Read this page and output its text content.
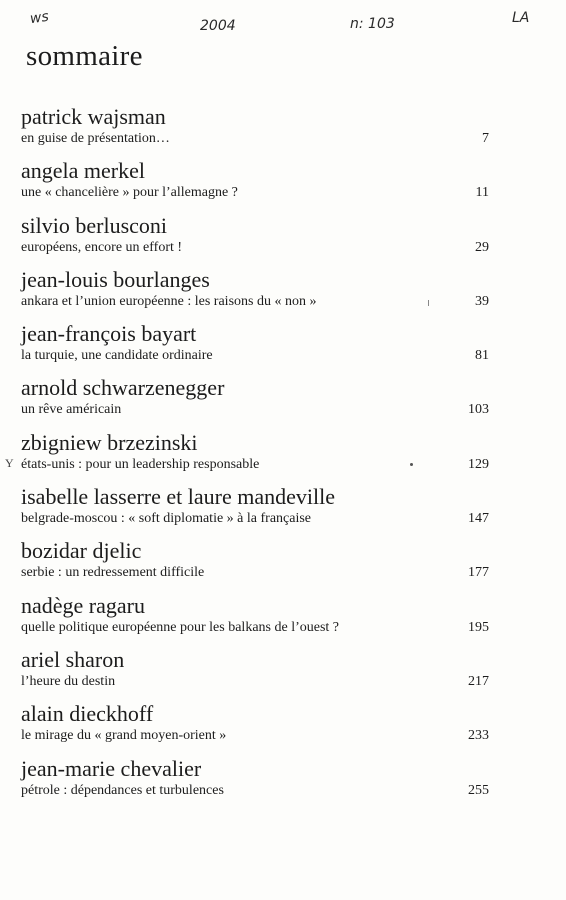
ws	2004	n: 103	LA
sommaire
patrick wajsman
en guise de présentation…	7
angela merkel
une « chancelière » pour l’allemagne ?	11
silvio berlusconi
européens, encore un effort !	29
jean-louis bourlanges
ankara et l’union européenne : les raisons du « non »	39
jean-françois bayart
la turquie, une candidate ordinaire	81
arnold schwarzenegger
un rêve américain	103
zbigniew brzezinski
états-unis : pour un leadership responsable	129
isabelle lasserre et laure mandeville
belgrade-moscou : « soft diplomatie » à la française	147
bozidar djelic
serbie : un redressement difficile	177
nadège ragaru
quelle politique européenne pour les balkans de l’ouest ?	195
ariel sharon
l’heure du destin	217
alain dieckhoff
le mirage du « grand moyen-orient »	233
jean-marie chevalier
pétrole : dépendances et turbulences	255
Y
